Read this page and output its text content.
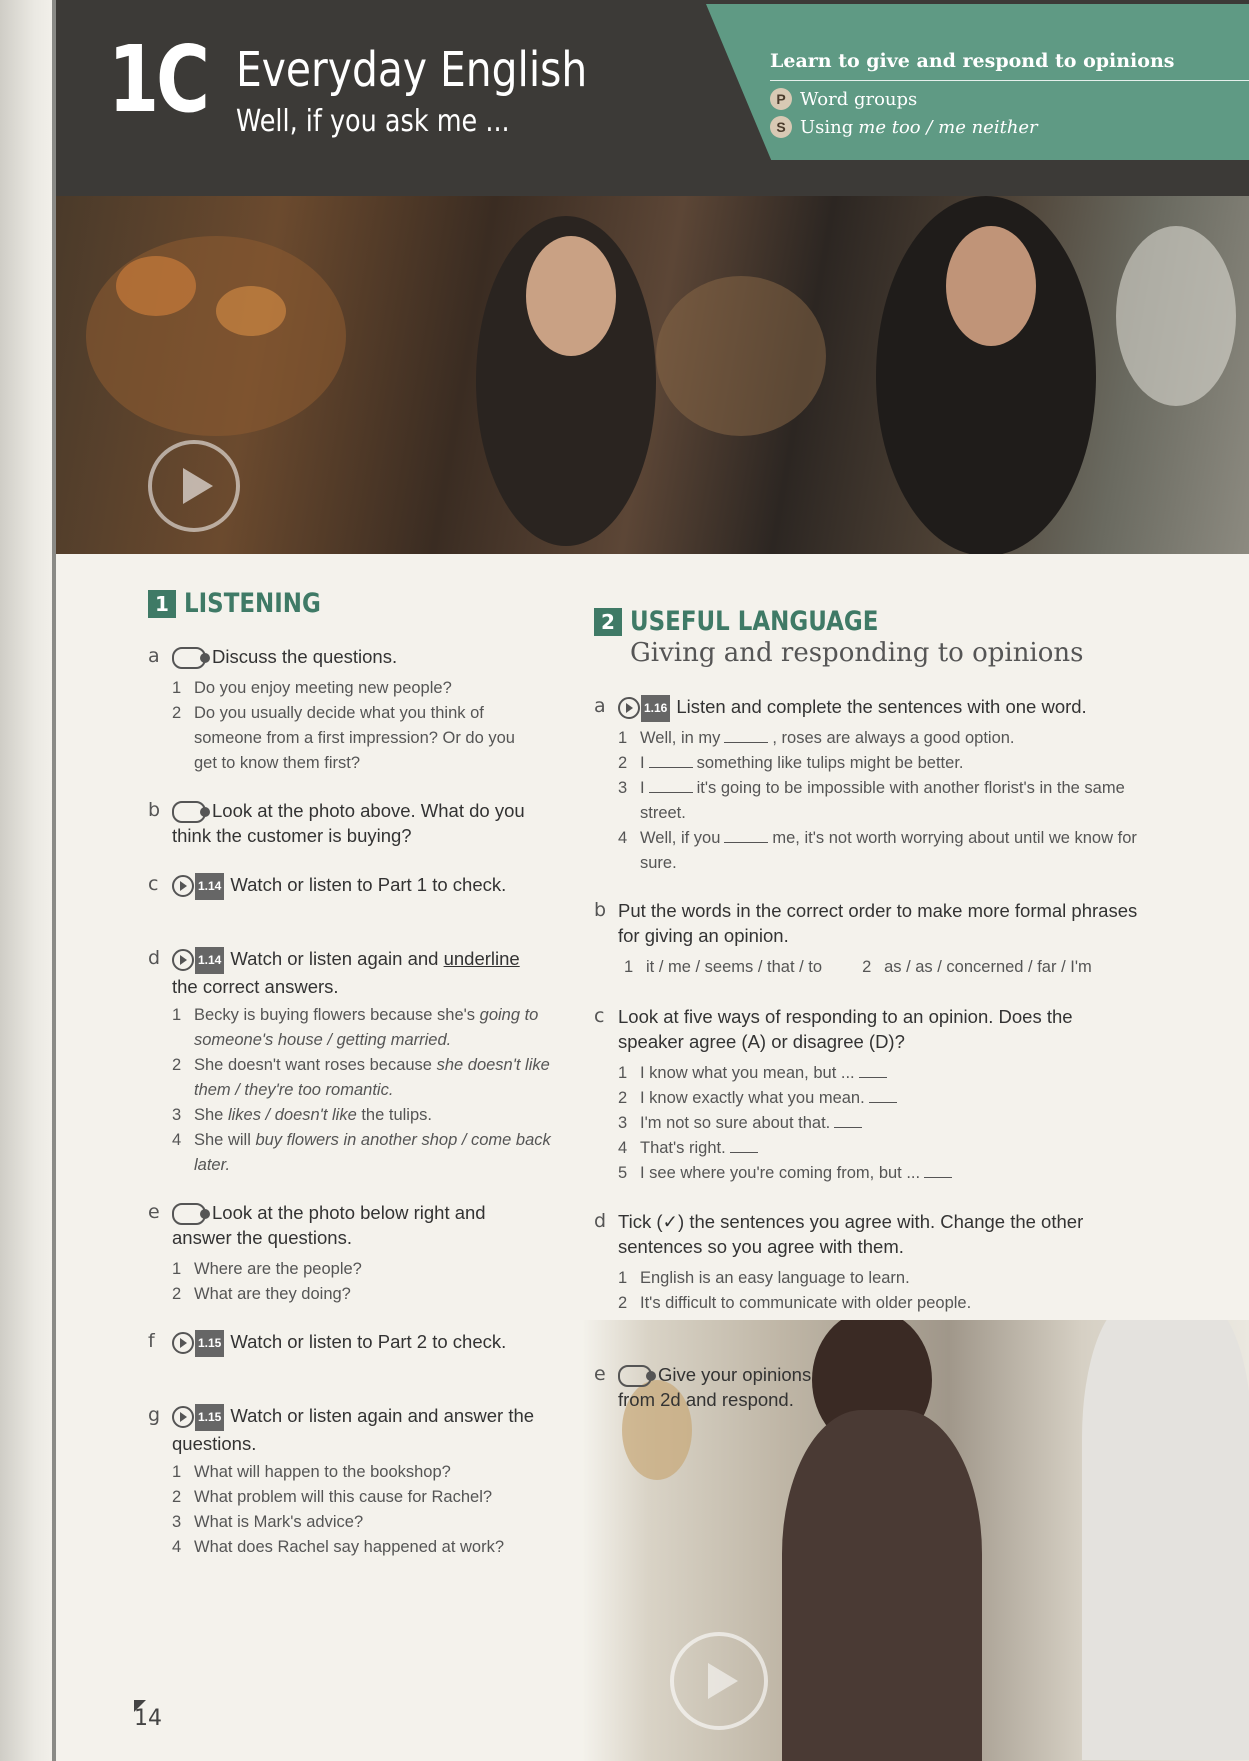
1C Everyday English
Well, if you ask me ...
Learn to give and respond to opinions
P Word groups
S Using me too / me neither
1 LISTENING
a	Discuss the questions.
1 Do you enjoy meeting new people?
2 Do you usually decide what you think of someone from a first impression? Or do you get to know them first?
b	Look at the photo above. What do you think the customer is buying?
c	1.14 Watch or listen to Part 1 to check.
d	1.14 Watch or listen again and underline the correct answers.
1 Becky is buying flowers because she's going to someone's house / getting married.
2 She doesn't want roses because she doesn't like them / they're too romantic.
3 She likes / doesn't like the tulips.
4 She will buy flowers in another shop / come back later.
e	Look at the photo below right and answer the questions.
1 Where are the people?
2 What are they doing?
f	1.15 Watch or listen to Part 2 to check.
g	1.15 Watch or listen again and answer the questions.
1 What will happen to the bookshop?
2 What problem will this cause for Rachel?
3 What is Mark's advice?
4 What does Rachel say happened at work?
2 USEFUL LANGUAGE
Giving and responding to opinions
a	1.16 Listen and complete the sentences with one word.
1 Well, in my	, roses are always a good option.
2 I	something like tulips might be better.
3 I	it's going to be impossible with another florist's in the same street.
4 Well, if you	me, it's not worth worrying about until we know for sure.
b Put the words in the correct order to make more formal phrases for giving an opinion.
1 it / me / seems / that / to 2 as / as / concerned / far / I'm
c Look at five ways of responding to an opinion. Does the speaker agree (A) or disagree (D)?
1 I know what you mean, but ...
2 I know exactly what you mean.
3 I'm not so sure about that.
4 That's right.
5 I see where you're coming from, but ...
d Tick (✓) the sentences you agree with. Change the other sentences so you agree with them.
1 English is an easy language to learn.
2 It's difficult to communicate with older people.
e	Give your opinions from 2d and respond.
14
